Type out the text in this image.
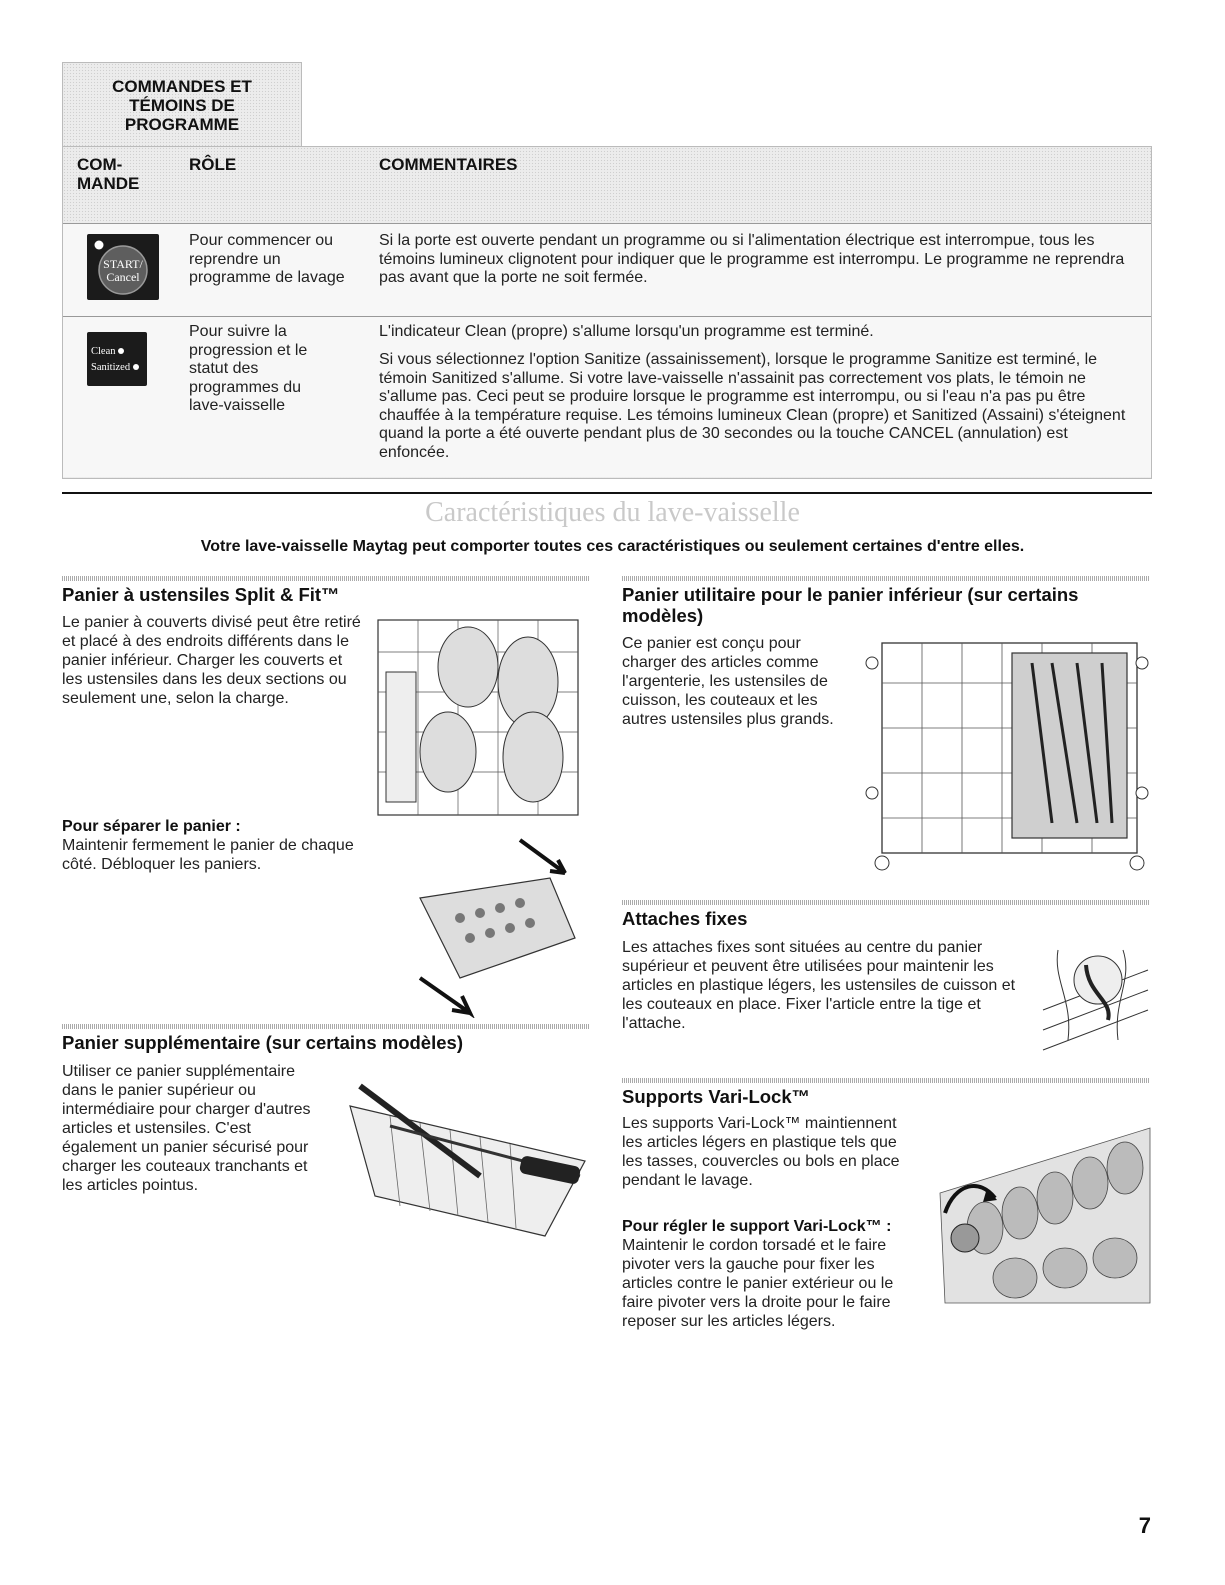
COMMANDES ET
TÉMOINS DE
PROGRAMME
COM-
MANDE
RÔLE	COMMENTAIRES
START/
Cancel
Pour commencer ou reprendre un programme de lavage
Si la porte est ouverte pendant un programme ou si l'alimentation électrique est interrompue, tous les témoins lumineux clignotent pour indiquer que le programme est interrompu. Le programme ne reprendra pas avant que la porte ne soit fermée.
Clean
Sanitized
Pour suivre la progression et le statut des programmes du lave-vaisselle
L'indicateur Clean (propre) s'allume lorsqu'un programme est terminé.
Si vous sélectionnez l'option Sanitize (assainissement), lorsque le programme Sanitize est terminé, le témoin Sanitized s'allume. Si votre lave-vaisselle n'assainit pas correctement vos plats, le témoin ne s'allume pas. Ceci peut se produire lorsque le programme est interrompu, ou si l'eau n'a pas pu être chauffée à la température requise. Les témoins lumineux Clean (propre) et Sanitized (Assaini) s'éteignent quand la porte a été ouverte pendant plus de 30 secondes ou la touche CANCEL (annulation) est enfoncée.
Caractéristiques du lave-vaisselle
Votre lave-vaisselle Maytag peut comporter toutes ces caractéristiques ou seulement certaines d'entre elles.
Panier à ustensiles Split & Fit™

Le panier à couverts divisé peut être retiré et placé à des endroits différents dans le panier inférieur. Charger les couverts et les ustensiles dans les deux sections ou seulement une, selon la charge.

Pour séparer le panier :

Maintenir fermement le panier de chaque côté. Débloquer les paniers.

Panier supplémentaire (sur certains modèles)

Utiliser ce panier supplémentaire dans le panier supérieur ou intermédiaire pour charger d'autres articles et ustensiles. C'est également un panier sécurisé pour charger les couteaux tranchants et les articles pointus.

Panier utilitaire pour le panier inférieur (sur certains modèles)

Ce panier est conçu pour charger des articles comme l'argenterie, les ustensiles de cuisson, les couteaux et les autres ustensiles plus grands.

Attaches fixes

Les attaches fixes sont situées au centre du panier supérieur et peuvent être utilisées pour maintenir les articles en plastique légers, les ustensiles de cuisson et les couteaux en place. Fixer l'article entre la tige et l'attache.

Supports Vari-Lock™

Les supports Vari-Lock™ maintiennent les articles légers en plastique tels que les tasses, couvercles ou bols en place pendant le lavage.

Pour régler le support Vari-Lock™ :

Maintenir le cordon torsadé et le faire pivoter vers la gauche pour fixer les articles contre le panier extérieur ou le faire pivoter vers la droite pour le faire reposer sur les articles légers.

7
